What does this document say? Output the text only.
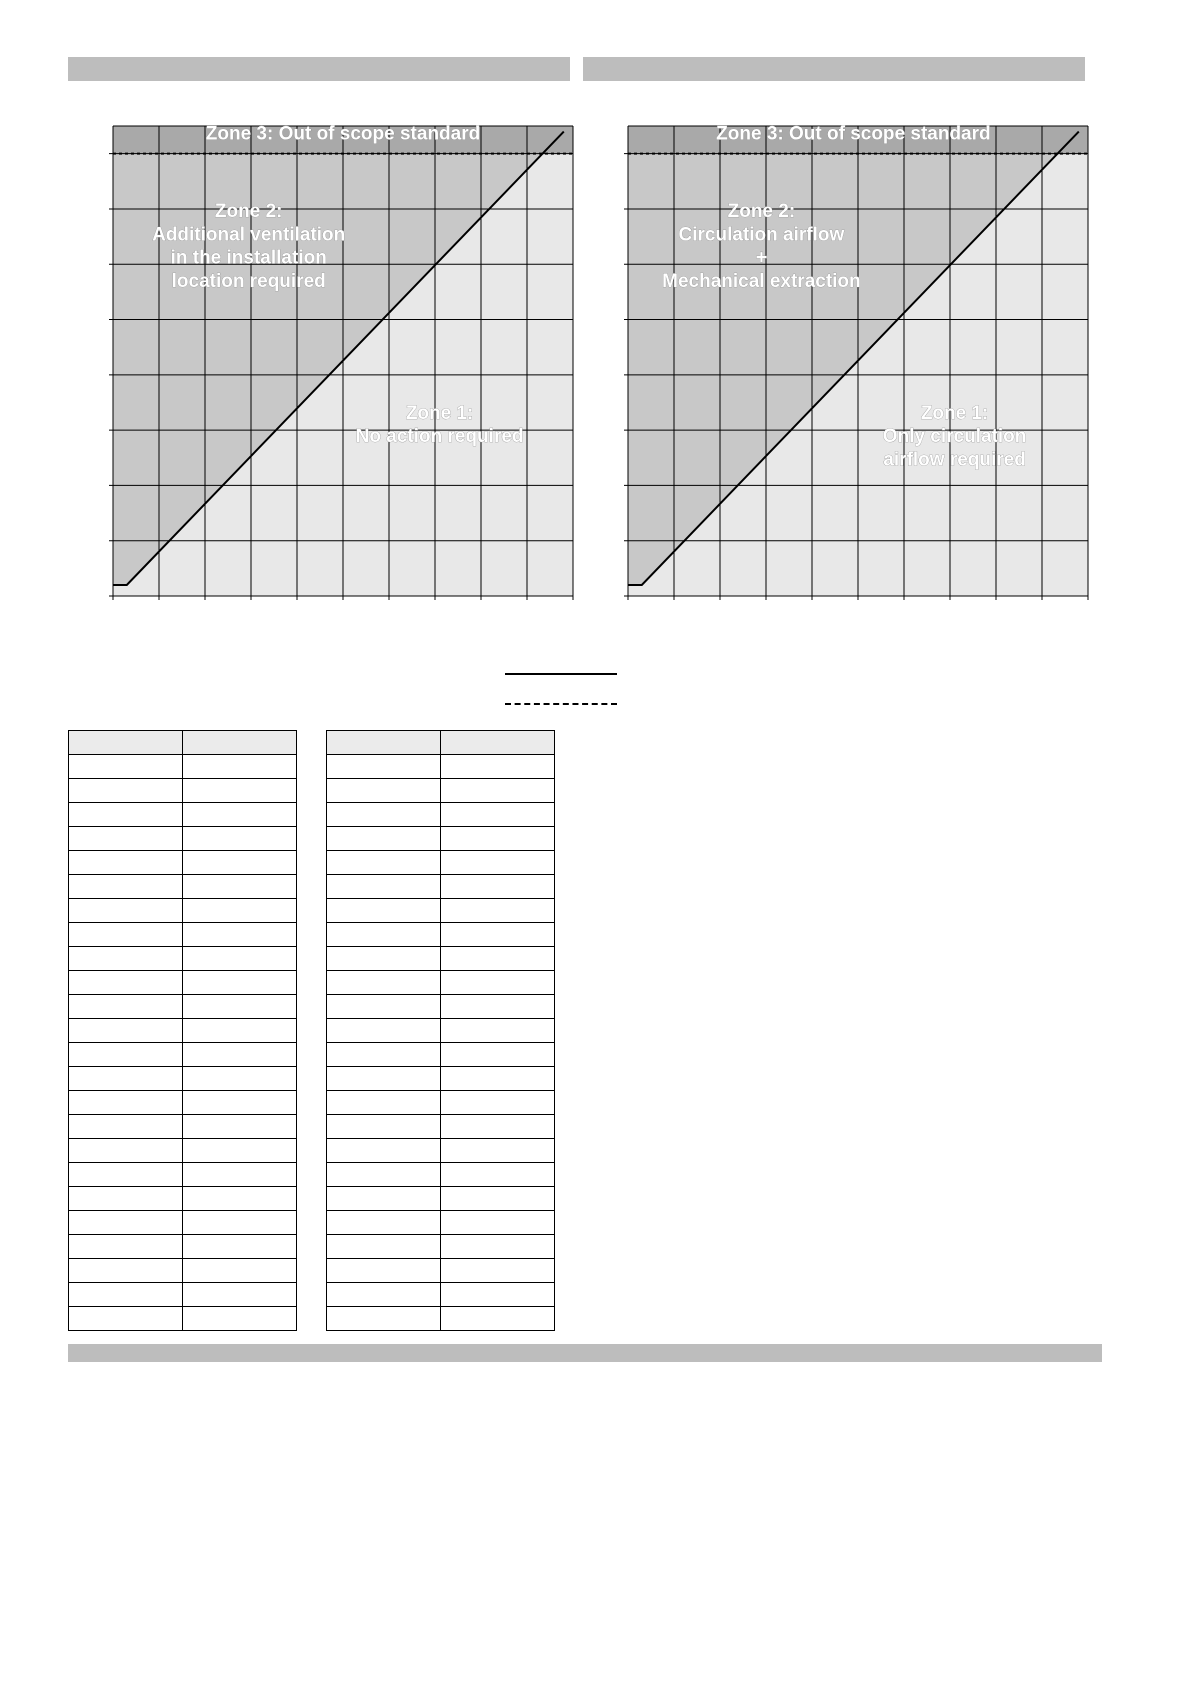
Zone 3: Out of scope standard
Zone 2: Additional ventilation in the installation location required
Zone 1: No action required
Zone 3: Out of scope standard
Zone 2: Circulation airflow + Mechanical extraction
Zone 1: Only circulation airflow required
